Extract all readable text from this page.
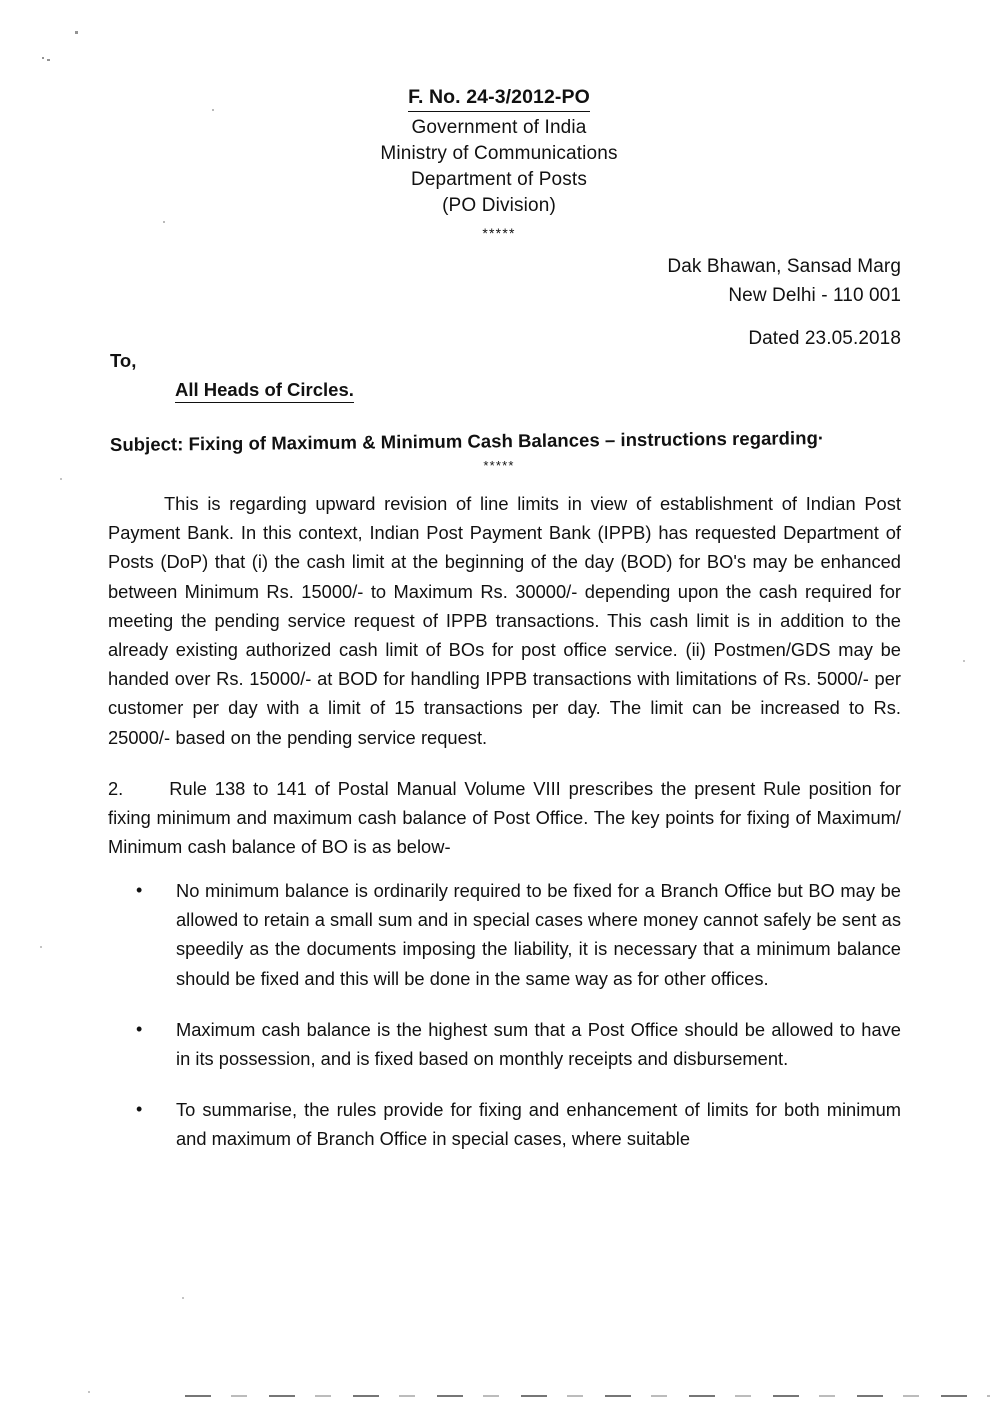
F. No. 24-3/2012-PO
Government of India
Ministry of Communications
Department of Posts
(PO Division)
*****
Dak Bhawan, Sansad Marg
New Delhi - 110 001
Dated 23.05.2018
To,
All Heads of Circles.
Subject: Fixing of Maximum & Minimum Cash Balances – instructions regarding·
*****

This is regarding upward revision of line limits in view of establishment of Indian Post Payment Bank. In this context, Indian Post Payment Bank (IPPB) has requested Department of Posts (DoP) that (i) the cash limit at the beginning of the day (BOD) for BO's may be enhanced between Minimum Rs. 15000/- to Maximum Rs. 30000/- depending upon the cash required for meeting the pending service request of IPPB transactions. This cash limit is in addition to the already existing authorized cash limit of BOs for post office service. (ii) Postmen/GDS may be handed over Rs. 15000/- at BOD for handling IPPB transactions with limitations of Rs. 5000/- per customer per day with a limit of 15 transactions per day. The limit can be increased to Rs. 25000/- based on the pending service request.

2.	Rule 138 to 141 of Postal Manual Volume VIII prescribes the present Rule position for fixing minimum and maximum cash balance of Post Office. The key points for fixing of Maximum/ Minimum cash balance of BO is as below-

• No minimum balance is ordinarily required to be fixed for a Branch Office but BO may be allowed to retain a small sum and in special cases where money cannot safely be sent as speedily as the documents imposing the liability, it is necessary that a minimum balance should be fixed and this will be done in the same way as for other offices.
• Maximum cash balance is the highest sum that a Post Office should be allowed to have in its possession, and is fixed based on monthly receipts and disbursement.
• To summarise, the rules provide for fixing and enhancement of limits for both minimum and maximum of Branch Office in special cases, where suitable
